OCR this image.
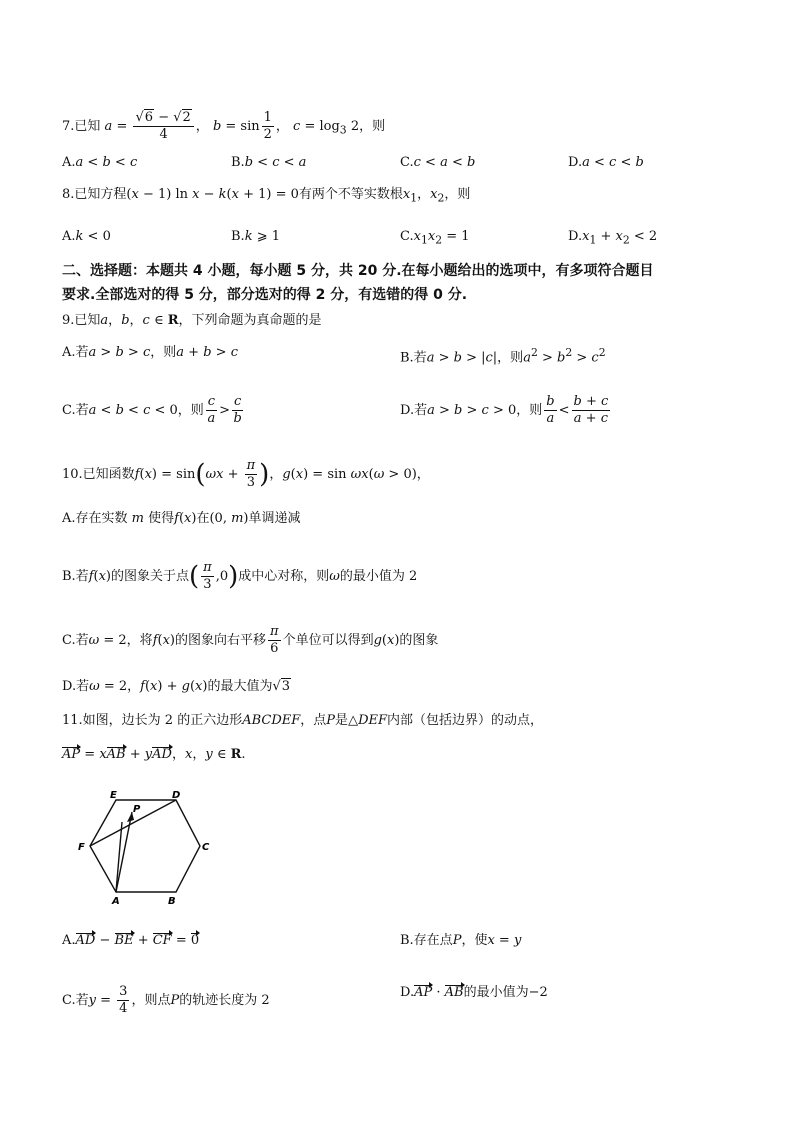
7.已知 $a = \frac{√6 - √2}{4}$ ， $b = \sin \frac{1}{2}$ ， $c = \log_3 2$，则
A.a < b < c	B.b < c < a	C.c < a < b	D.a < c < b
8.已知方程(x − 1) ln x − k(x + 1) = 0有两个不等实数根$x_1$，$x_2$，则
A.k < 0	B.k ⩾ 1	$C.x_1x_2 = 1$	$D.x_1 + x_2 < 2$
二、选择题：本题共 4 小题，每小题 5 分，共 20 分.在每小题给出的选项中，有多项符合题目
要求.全部选对的得 5 分，部分选对的得 2 分，有选错的得 0 分.
9.已知a，b，c ∈ R，下列命题为真命题的是
A.若a > b > c，则a + b > c	B.若a > b > |c|，则$a^2 > b^2 > c^2$
C.若a < b < c < 0，则 $\frac{c}{a} > \frac{c}{b}$	D.若a > b > c > 0，则 $\frac{b}{a} < \frac{b + c}{a + c}$
10.已知函数$f(x) = \sin(\omega x + \frac{\pi}{3}$ )，g(x) = sin ωx(ω > 0)，
A.存在实数 m 使得f(x)在(0, m)单调递减
B.若f(x)的图象关于点( $\frac{\pi}{3} ,0$)成中心对称，则ω的最小值为 2
C.若ω = 2，将f(x)的图象向右平移 $\frac{\pi}{6}$ 个单位可以得到g(x)的图象
D.若ω = 2，f(x) + g(x)的最大值为√3
11.如图，边长为 2 的正六边形ABCDEF，点P是△DEF内部（包括边界）的动点，
AP = xAB + yAD，x，y ∈ R.
A	B
C
D
E
F
P
A.AD − BE + CF = 0	B.存在点P，使x = y
C.若$y = \frac{3}{4}$ ，则点P的轨迹长度为 2
D.AP · AB的最小值为−2
